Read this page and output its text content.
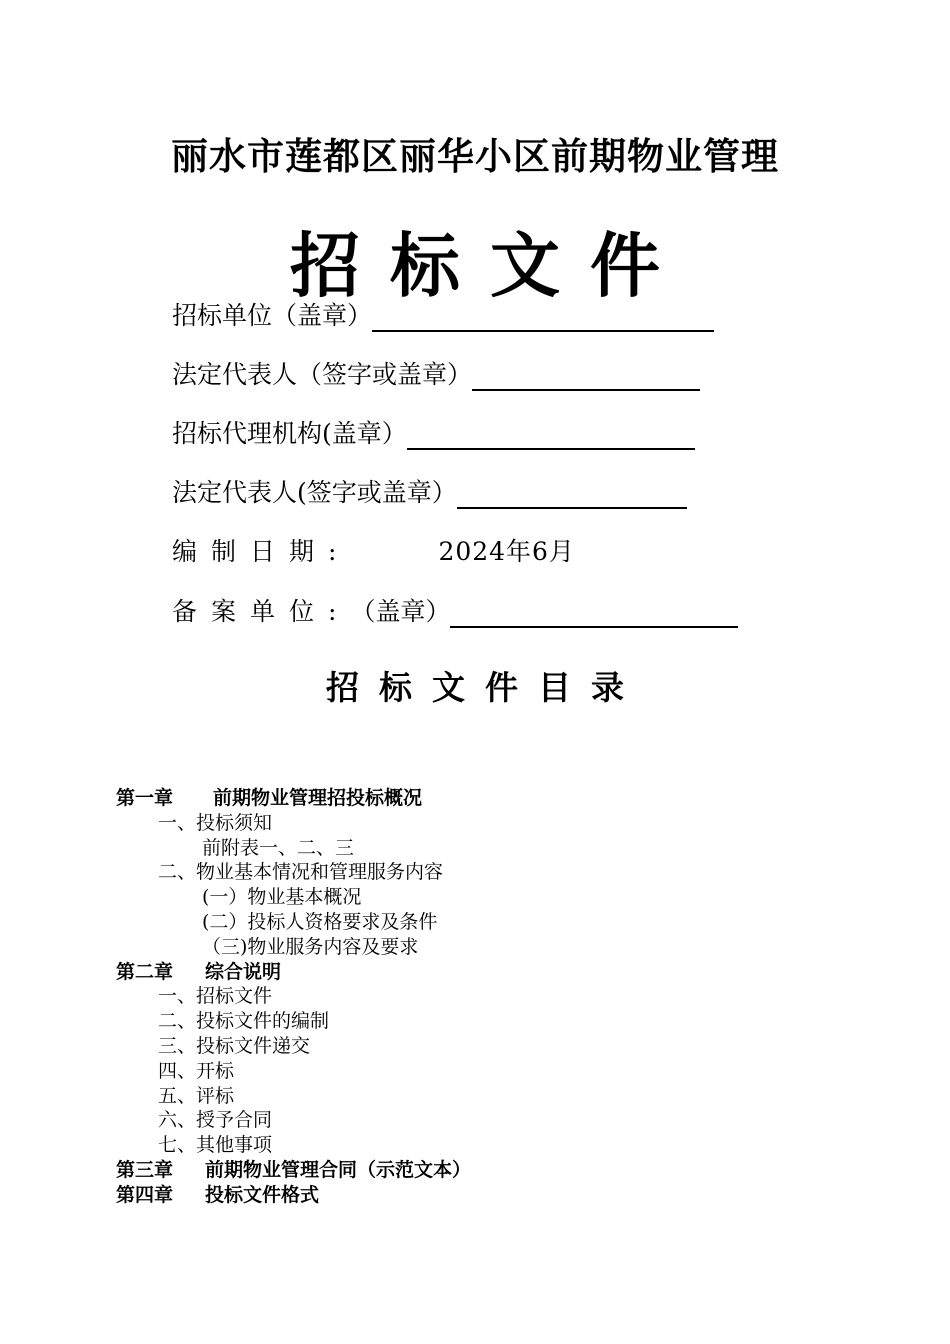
丽水市莲都区丽华小区前期物业管理
招标文件
招标单位（盖章）
法定代表人（签字或盖章）
招标代理机构(盖章）
法定代表人(签字或盖章）
编制日期:	2024年6月
备案单位: （盖章）
招标文件目录
第一章 前期物业管理招投标概况
一、投标须知
前附表一、二、三
二、物业基本情况和管理服务内容
(一）物业基本概况
(二）投标人资格要求及条件
（三)物业服务内容及要求
第二章 综合说明
一、招标文件
二、投标文件的编制
三、投标文件递交
四、开标
五、评标
六、授予合同
七、其他事项
第三章 前期物业管理合同（示范文本）
第四章 投标文件格式
